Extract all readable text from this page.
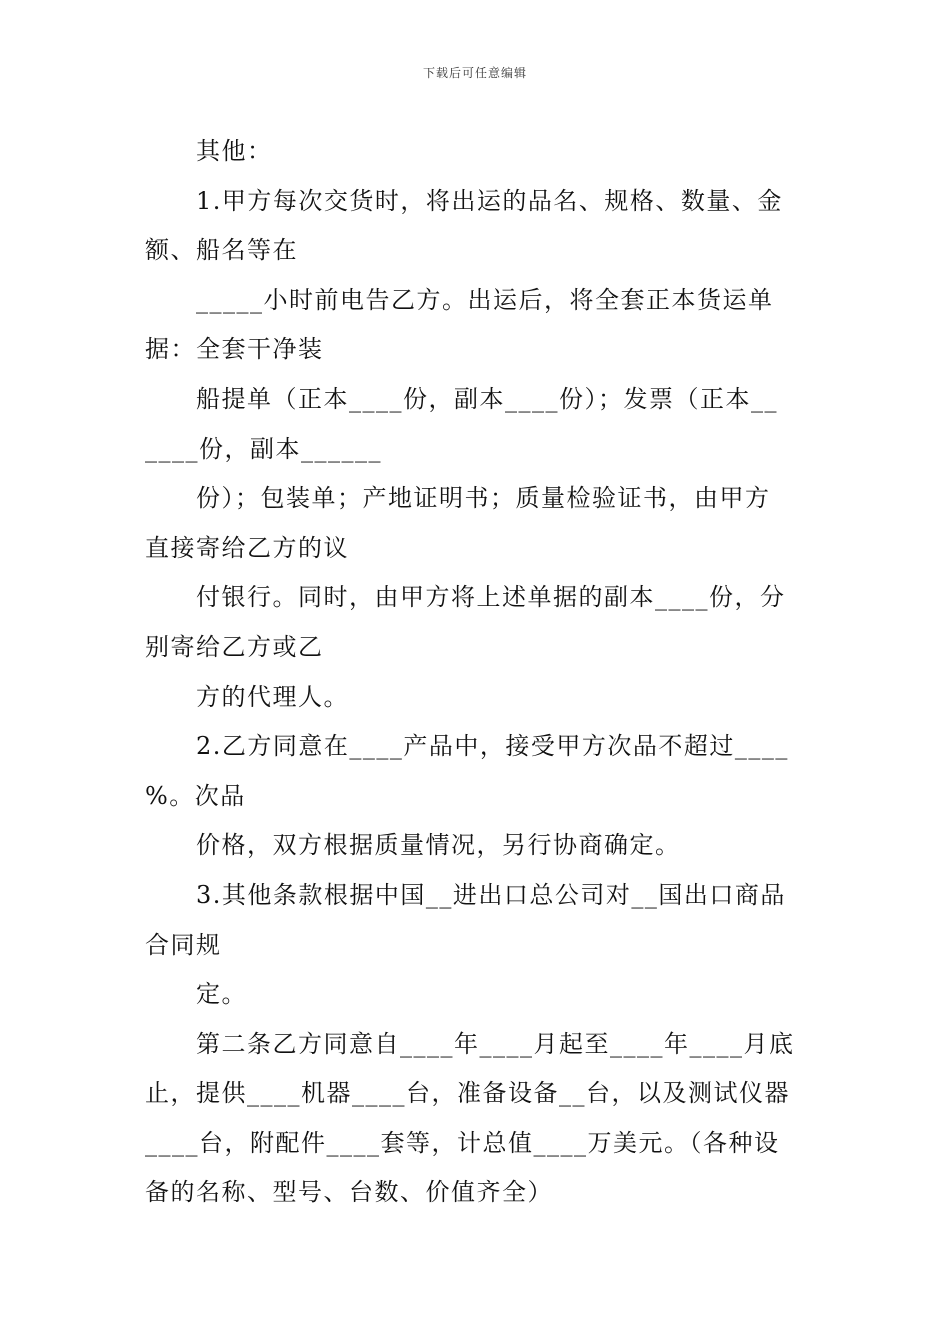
下载后可任意编辑
其他：
1.甲方每次交货时，将出运的品名、规格、数量、金
额、船名等在
_____小时前电告乙方。出运后，将全套正本货运单
据：全套干净装
船提单（正本____份，副本____份）；发票（正本__
____份，副本______
份）；包装单；产地证明书；质量检验证书，由甲方
直接寄给乙方的议
付银行。同时，由甲方将上述单据的副本____份，分
别寄给乙方或乙
方的代理人。
2.乙方同意在____产品中，接受甲方次品不超过____
%。次品
价格，双方根据质量情况，另行协商确定。
3.其他条款根据中国__进出口总公司对__国出口商品
合同规
定。
第二条乙方同意自____年____月起至____年____月底
止，提供____机器____台，准备设备__台，以及测试仪器
____台，附配件____套等，计总值____万美元。（各种设
备的名称、型号、台数、价值齐全）
